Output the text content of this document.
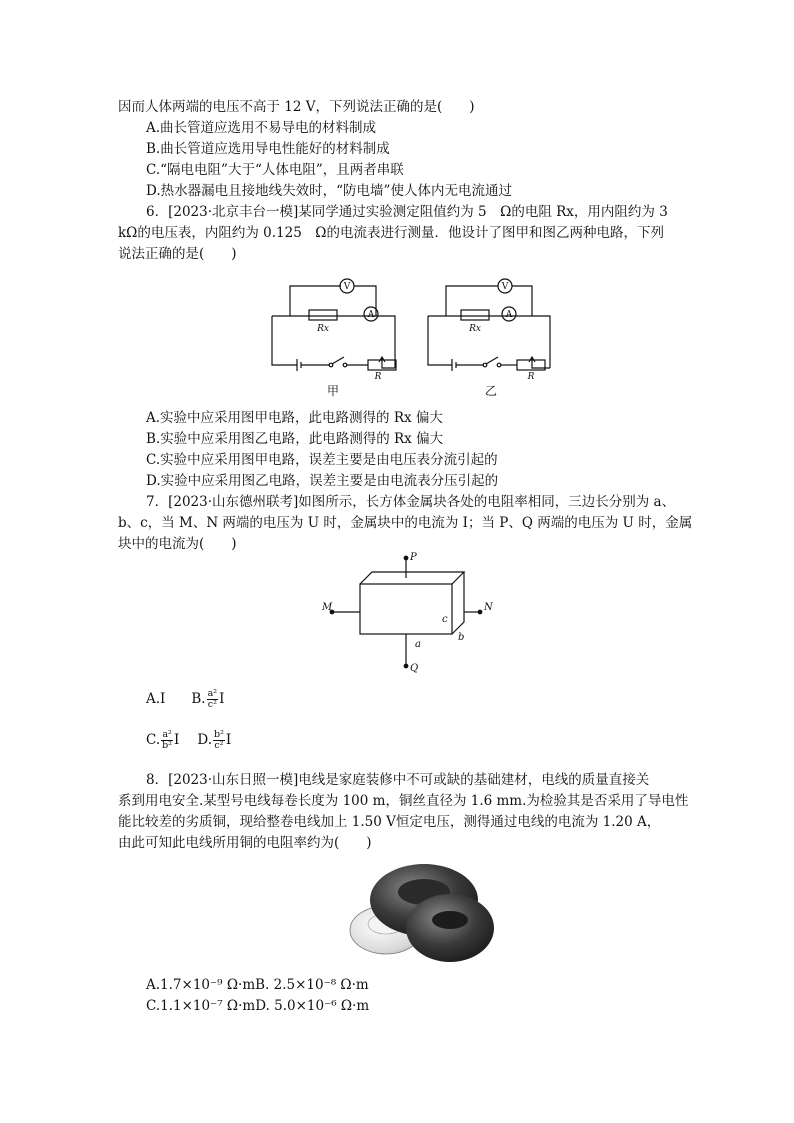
因而人体两端的电压不高于 12 V，下列说法正确的是(　　)
A.曲长管道应选用不易导电的材料制成
B.曲长管道应选用导电性能好的材料制成
C.“隔电电阻”大于“人体电阻”，且两者串联
D.热水器漏电且接地线失效时，“防电墙”使人体内无电流通过
6．[2023·北京丰台一模]某同学通过实验测定阻值约为 5　Ω的电阻 Rx，用内阻约为 3
kΩ的电压表，内阻约为 0.125　Ω的电流表进行测量．他设计了图甲和图乙两种电路，下列
说法正确的是(　　)
V
A
Rx
R
V
A
Rx
R
甲	乙
A.实验中应采用图甲电路，此电路测得的 Rx 偏大
B.实验中应采用图乙电路，此电路测得的 Rx 偏大
C.实验中应采用图甲电路，误差主要是由电压表分流引起的
D.实验中应采用图乙电路，误差主要是由电流表分压引起的
7．[2023·山东德州联考]如图所示，长方体金属块各处的电阻率相同，三边长分别为 a、
b、c，当 M、N 两端的电压为 U 时，金属块中的电流为 I；当 P、Q 两端的电压为 U 时，金属
块中的电流为(　　)
P
Q
M	N
a
b
c
A.I B. $\frac{\text{a²}}{\text{c²}}$ I
C. $\frac{\text{a²}}{\text{b²}}$ I D. $\frac{\text{b²}}{\text{c²}}$ I
8．[2023·山东日照一模]电线是家庭装修中不可或缺的基础建材，电线的质量直接关
系到用电安全.某型号电线每卷长度为 100 m，铜丝直径为 1.6 mm.为检验其是否采用了导电性
能比较差的劣质铜，现给整卷电线加上 1.50 V恒定电压，测得通过电线的电流为 1.20 A，
由此可知此电线所用铜的电阻率约为(　　)
A.1.7×10⁻⁹ Ω·mB. 2.5×10⁻⁸ Ω·m
C.1.1×10⁻⁷ Ω·mD. 5.0×10⁻⁶ Ω·m
